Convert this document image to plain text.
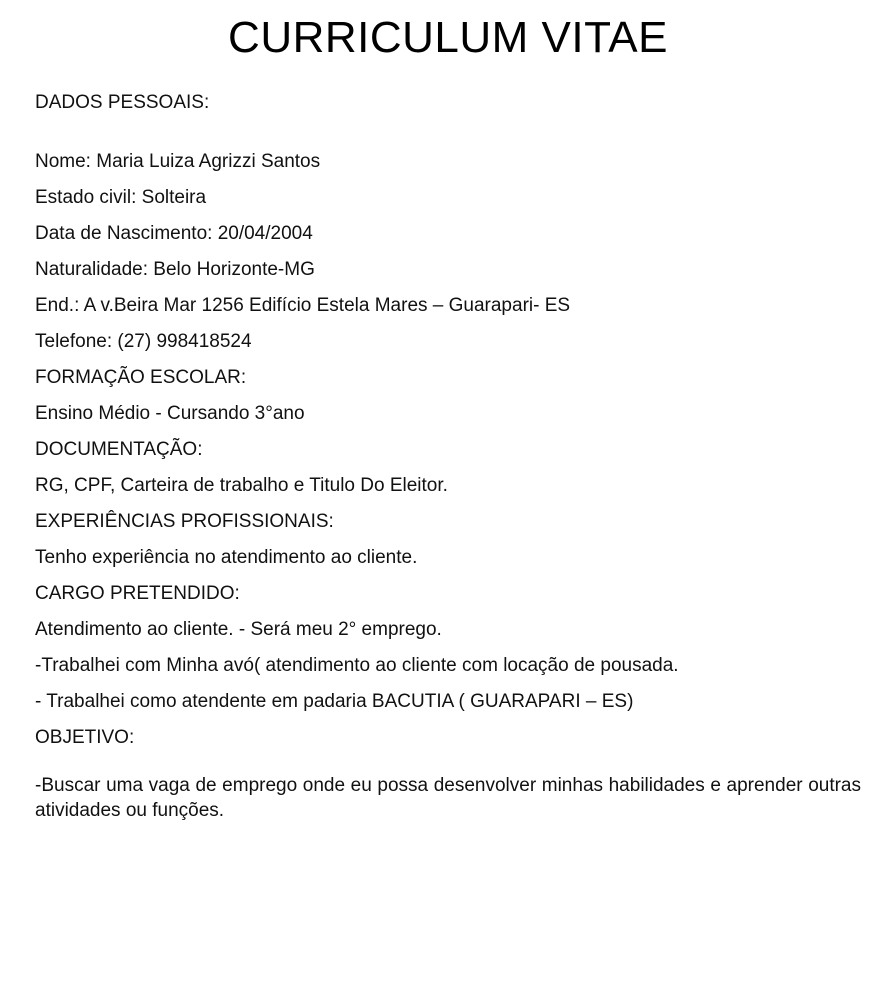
CURRICULUM VITAE
DADOS PESSOAIS:

Nome: Maria Luiza Agrizzi Santos

Estado civil: Solteira

Data de Nascimento: 20/04/2004

Naturalidade: Belo Horizonte-MG

End.: A v.Beira Mar 1256 Edifício Estela Mares – Guarapari- ES

Telefone: (27) 998418524

FORMAÇÃO ESCOLAR:

Ensino Médio - Cursando 3°ano

DOCUMENTAÇÃO:

RG, CPF, Carteira de trabalho e Titulo Do Eleitor.

EXPERIÊNCIAS PROFISSIONAIS:

Tenho experiência no atendimento ao cliente.

CARGO PRETENDIDO:

Atendimento ao cliente. - Será meu 2° emprego.

-Trabalhei com Minha avó( atendimento ao cliente com locação de pousada.

- Trabalhei como atendente em padaria BACUTIA ( GUARAPARI – ES)

OBJETIVO:

-Buscar uma vaga de emprego onde eu possa desenvolver minhas habilidades e aprender outras atividades ou funções.
